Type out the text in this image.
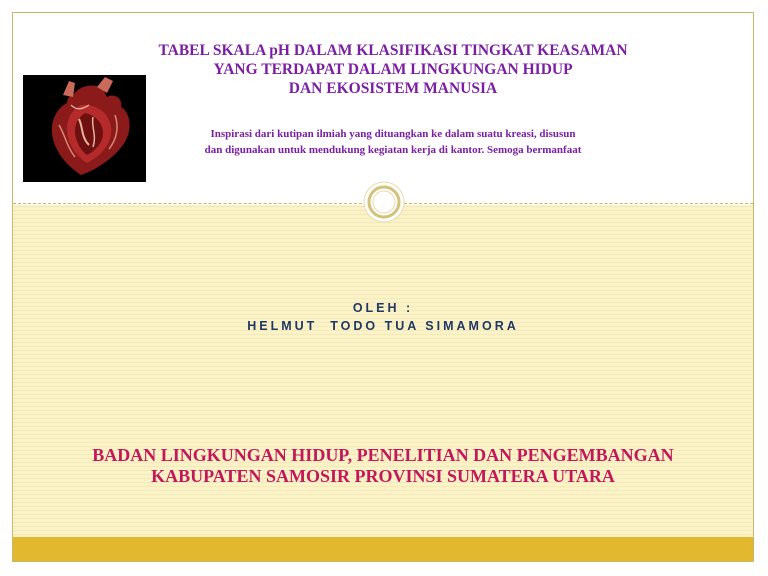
TABEL SKALA pH DALAM KLASIFIKASI TINGKAT KEASAMAN
YANG TERDAPAT DALAM LINGKUNGAN HIDUP
DAN EKOSISTEM MANUSIA
Inspirasi dari kutipan ilmiah yang dituangkan ke dalam suatu kreasi, disusun
dan digunakan untuk mendukung kegiatan kerja di kantor. Semoga bermanfaat
OLEH :
HELMUT  TODO TUA SIMAMORA
BADAN LINGKUNGAN HIDUP, PENELITIAN DAN PENGEMBANGAN
KABUPATEN SAMOSIR PROVINSI SUMATERA UTARA
